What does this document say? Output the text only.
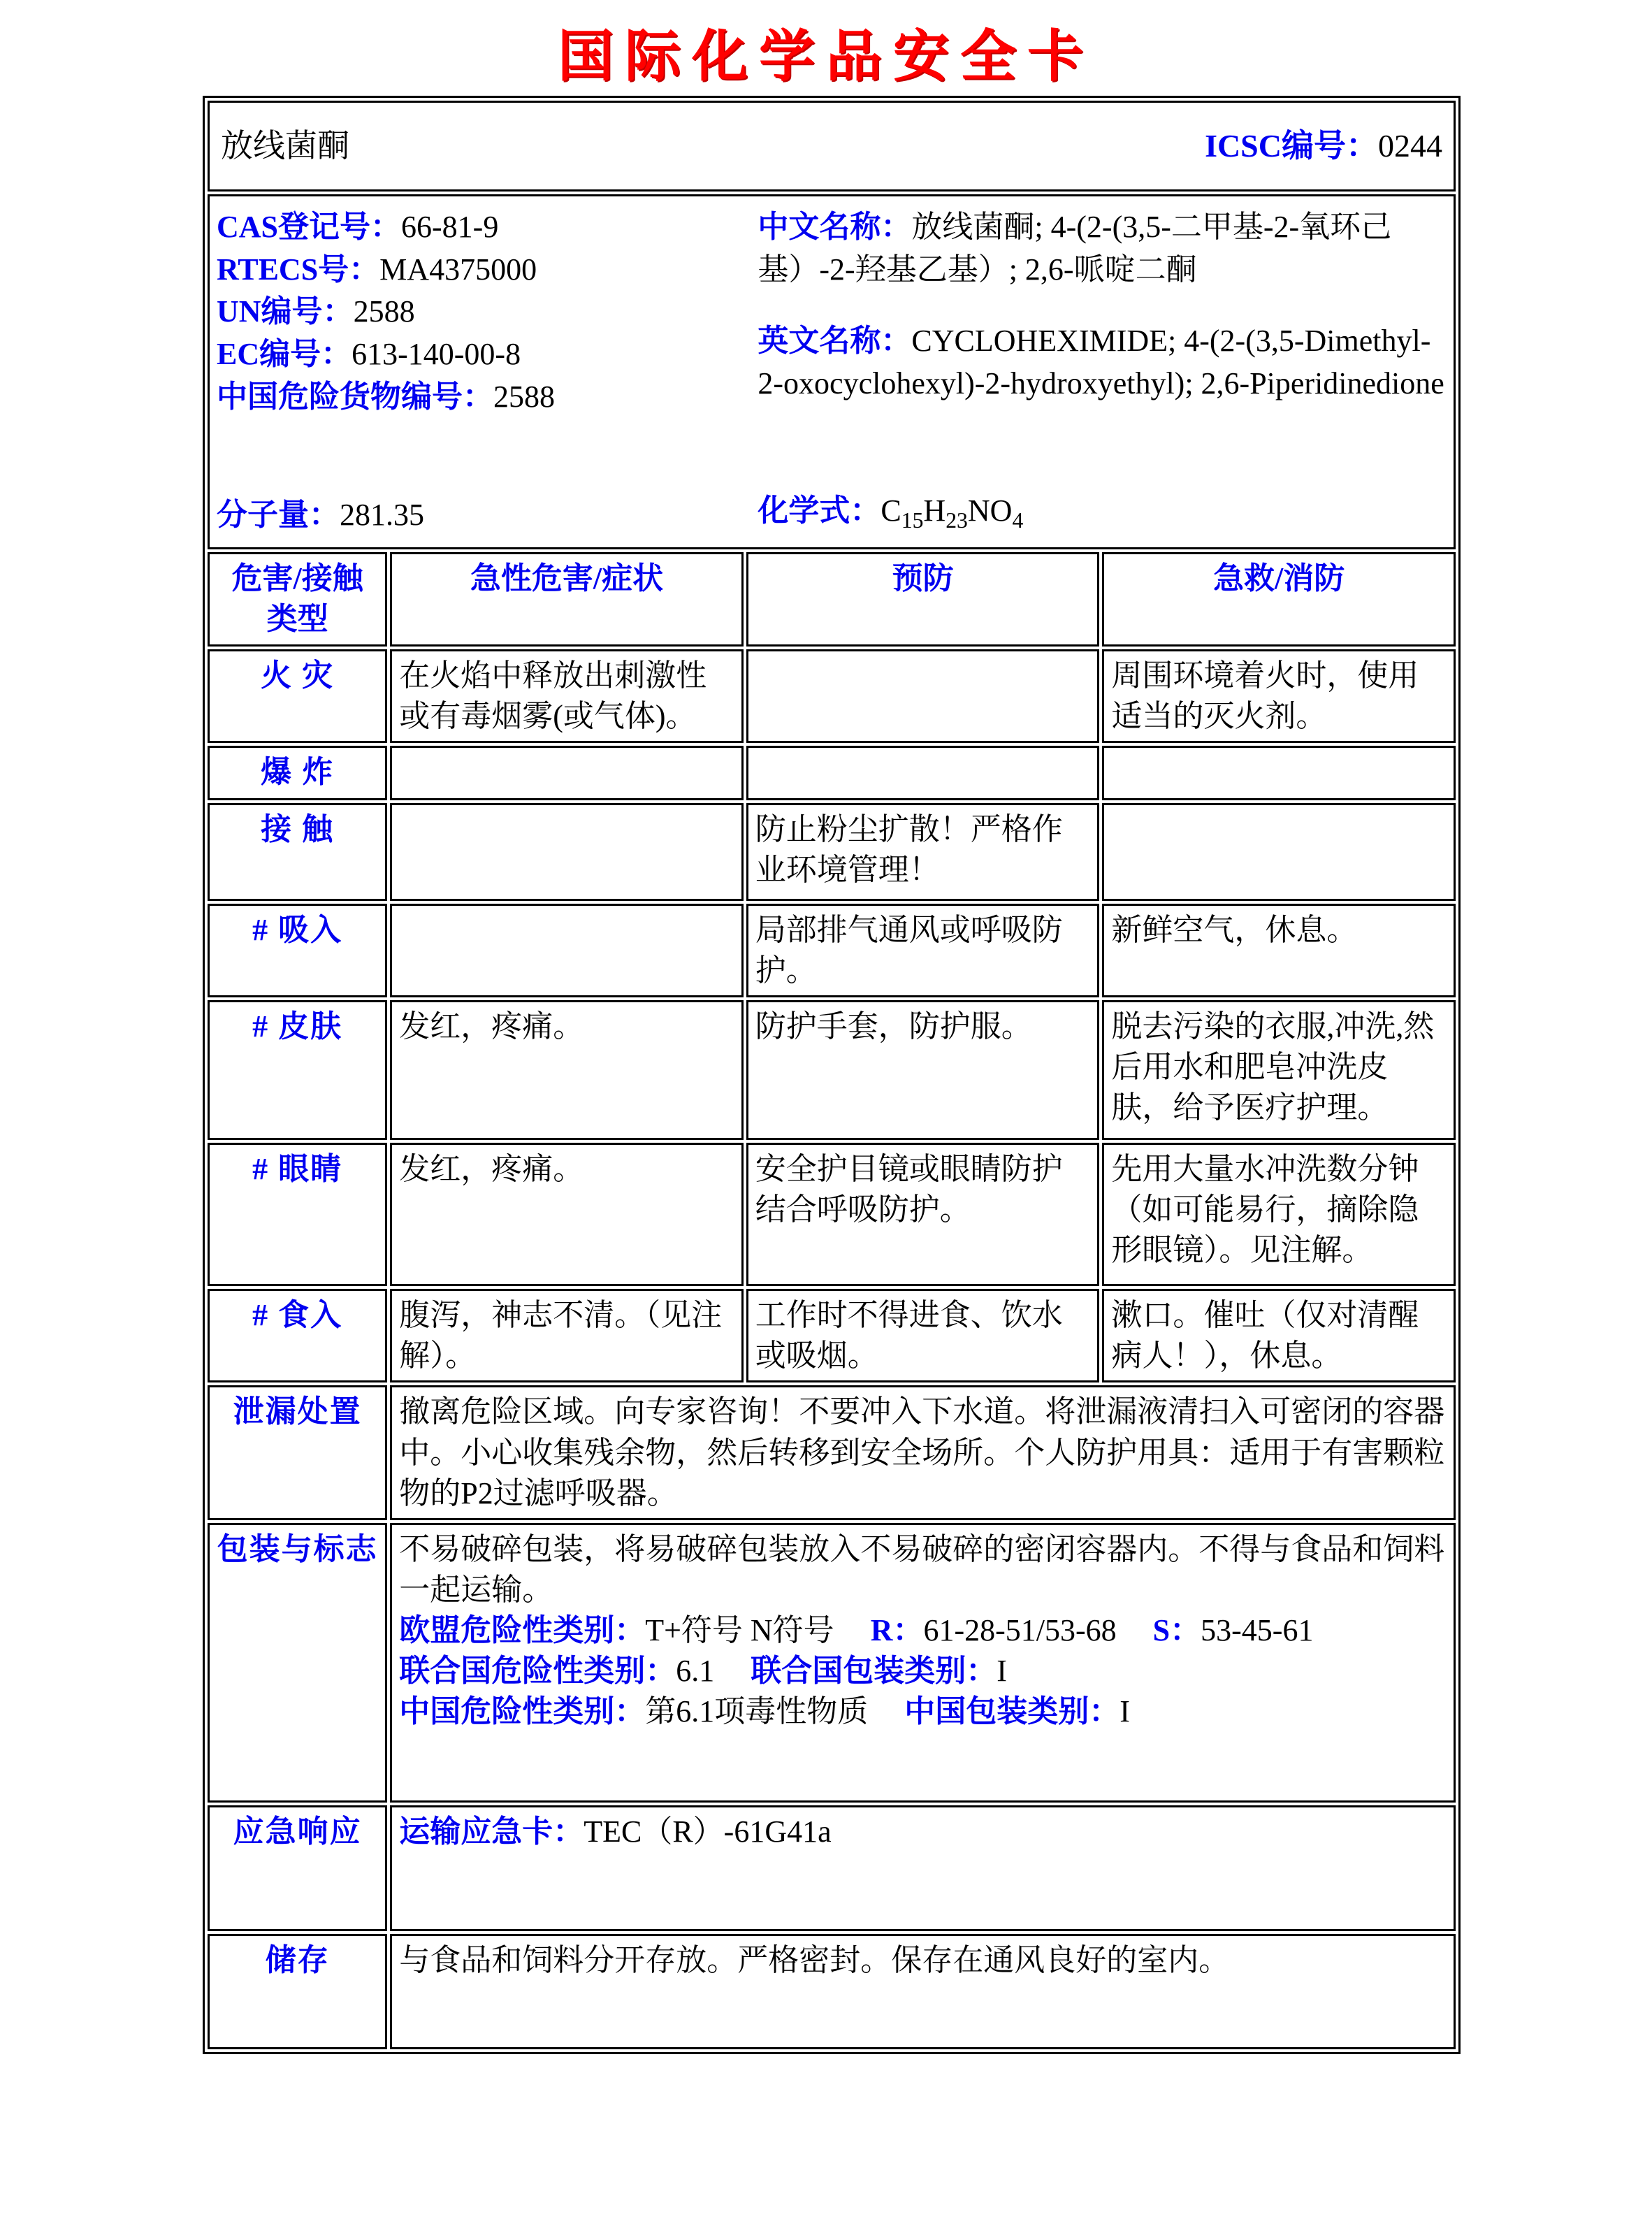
国际化学品安全卡
放线菌酮 ICSC编号：0244			

CAS登记号：66-81-9
RTECS号：MA4375000
UN编号：2588
EC编号：613-140-00-8
中国危险货物编号：2588
分子量：281.35
中文名称：放线菌酮; 4-(2-(3,5-二甲基-2-氧环己基）-2-羟基乙基）; 2,6-哌啶二酮
英文名称：CYCLOHEXIMIDE; 4-(2-(3,5-Dimethyl-2-oxocyclohexyl)-2-hydroxyethyl); 2,6-Piperidinedione
化学式：$C_{15}H_{23}NO_4$

危害/接触类型	急性危害/症状	预防	急救/消防
火 灾	在火焰中释放出刺激性或有毒烟雾(或气体)。		周围环境着火时，使用适当的灭火剂。
爆 炸			
接 触		防止粉尘扩散！严格作业环境管理！	
# 吸入		局部排气通风或呼吸防护。	新鲜空气，休息。
# 皮肤	发红，疼痛。	防护手套，防护服。	脱去污染的衣服,冲洗,然后用水和肥皂冲洗皮肤，给予医疗护理。
# 眼睛	发红，疼痛。	安全护目镜或眼睛防护结合呼吸防护。	先用大量水冲洗数分钟（如可能易行，摘除隐形眼镜）。见注解。
# 食入	腹泻，神志不清。（见注解）。	工作时不得进食、饮水或吸烟。	漱口。催吐（仅对清醒病人！），休息。
泄漏处置	撤离危险区域。向专家咨询！不要冲入下水道。将泄漏液清扫入可密闭的容器中。小心收集残余物，然后转移到安全场所。个人防护用具：适用于有害颗粒物的P2过滤呼吸器。		
包装与标志	不易破碎包装，将易破碎包装放入不易破碎的密闭容器内。不得与食品和饲料一起运输。
欧盟危险性类别：T+符号 N符号 R：61-28-51/53-68 S：53-45-61
联合国危险性类别：6.1 联合国包装类别：I
中国危险性类别：第6.1项毒性物质 中国包装类别：I		

应急响应	运输应急卡：TEC（R）-61G41a		
储存	与食品和饲料分开存放。严格密封。保存在通风良好的室内。		
